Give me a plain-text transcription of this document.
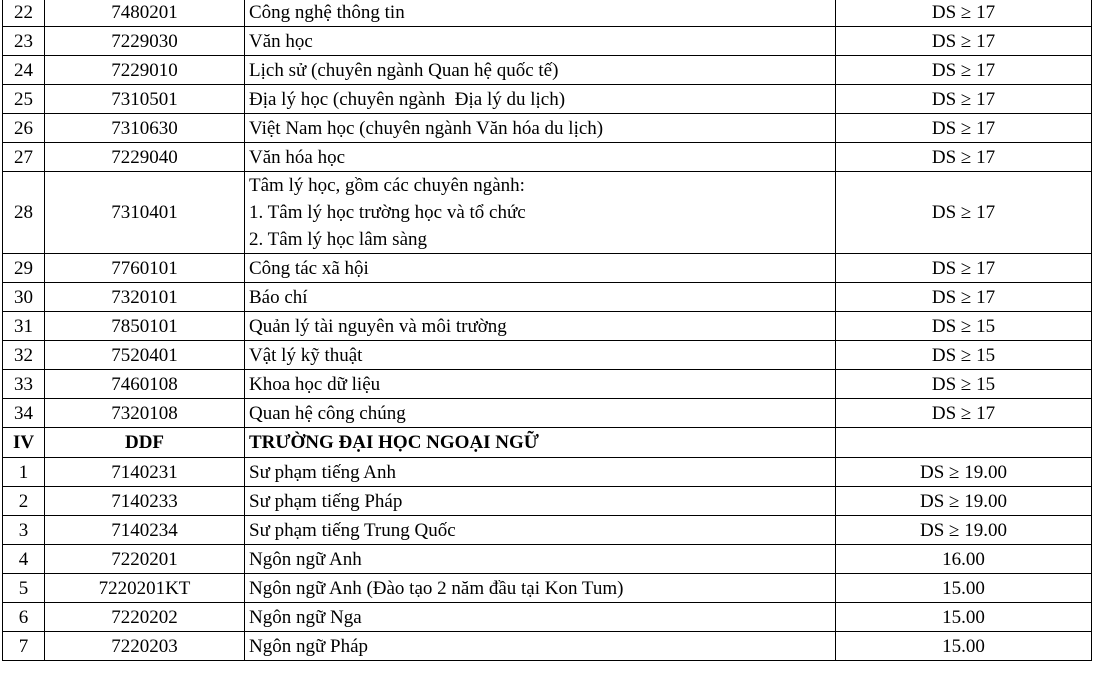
22	7480201	Công nghệ thông tin	DS ≥ 17
23	7229030	Văn học	DS ≥ 17
24	7229010	Lịch sử (chuyên ngành Quan hệ quốc tế)	DS ≥ 17
25	7310501	Địa lý học (chuyên ngành  Địa lý du lịch)	DS ≥ 17
26	7310630	Việt Nam học (chuyên ngành Văn hóa du lịch)	DS ≥ 17
27	7229040	Văn hóa học	DS ≥ 17
28	7310401	Tâm lý học, gồm các chuyên ngành:
1. Tâm lý học trường học và tổ chức
2. Tâm lý học lâm sàng	DS ≥ 17
29	7760101	Công tác xã hội	DS ≥ 17
30	7320101	Báo chí	DS ≥ 17
31	7850101	Quản lý tài nguyên và môi trường	DS ≥ 15
32	7520401	Vật lý kỹ thuật	DS ≥ 15
33	7460108	Khoa học dữ liệu	DS ≥ 15
34	7320108	Quan hệ công chúng	DS ≥ 17
IV	DDF	TRƯỜNG ĐẠI HỌC NGOẠI NGỮ	
1	7140231	Sư phạm tiếng Anh	DS ≥ 19.00
2	7140233	Sư phạm tiếng Pháp	DS ≥ 19.00
3	7140234	Sư phạm tiếng Trung Quốc	DS ≥ 19.00
4	7220201	Ngôn ngữ Anh	16.00
5	7220201KT	Ngôn ngữ Anh (Đào tạo 2 năm đầu tại Kon Tum)	15.00
6	7220202	Ngôn ngữ Nga	15.00
7	7220203	Ngôn ngữ Pháp	15.00
